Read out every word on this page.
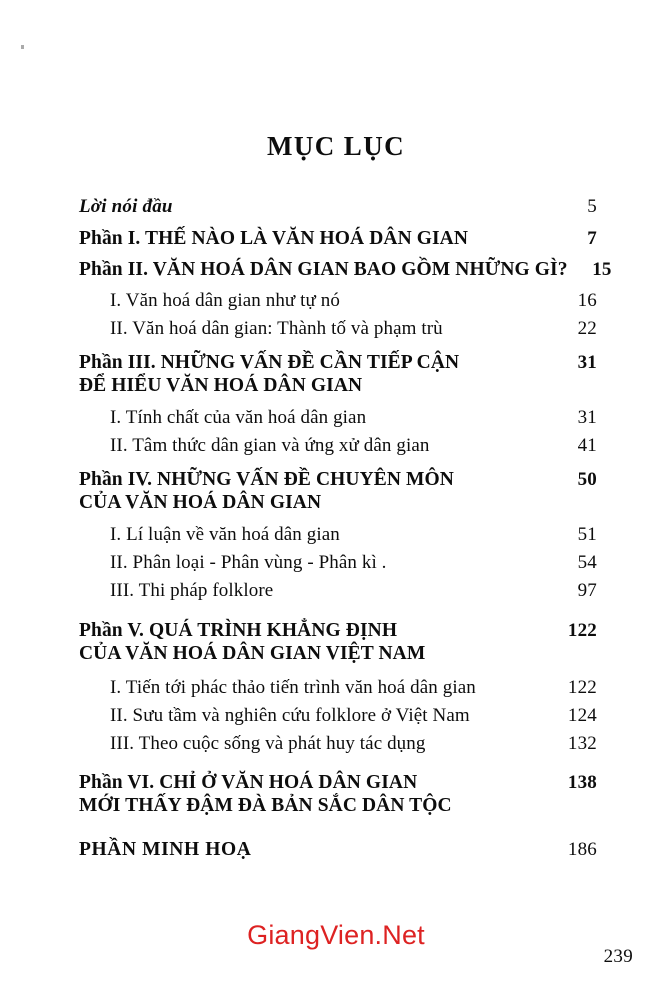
MỤC LỤC
Lời nói đầu	5
Phần I. THẾ NÀO LÀ VĂN HOÁ DÂN GIAN	7
Phần II. VĂN HOÁ DÂN GIAN BAO GỒM NHỮNG GÌ?	15
I. Văn hoá dân gian như tự nó	16
II. Văn hoá dân gian: Thành tố và phạm trù	22
Phần III. NHỮNG VẤN ĐỀ CẦN TIẾP CẬN	31
ĐỂ HIỂU VĂN HOÁ DÂN GIAN
I. Tính chất của văn hoá dân gian	31
II. Tâm thức dân gian và ứng xử dân gian	41
Phần IV. NHỮNG VẤN ĐỀ CHUYÊN MÔN	50
CỦA VĂN HOÁ DÂN GIAN
I. Lí luận về văn hoá dân gian	51
II. Phân loại - Phân vùng - Phân kì .	54
III. Thi pháp folklore	97
Phần V. QUÁ TRÌNH KHẲNG ĐỊNH	122
CỦA VĂN HOÁ DÂN GIAN VIỆT NAM
I. Tiến tới phác thảo tiến trình văn hoá dân gian	122
II. Sưu tầm và nghiên cứu folklore ở Việt Nam	124
III. Theo cuộc sống và phát huy tác dụng	132
Phần VI. CHỈ Ở VĂN HOÁ DÂN GIAN	138
MỚI THẤY ĐẬM ĐÀ BẢN SẮC DÂN TỘC
PHẦN MINH HOẠ	186
GiangVien.Net
239
